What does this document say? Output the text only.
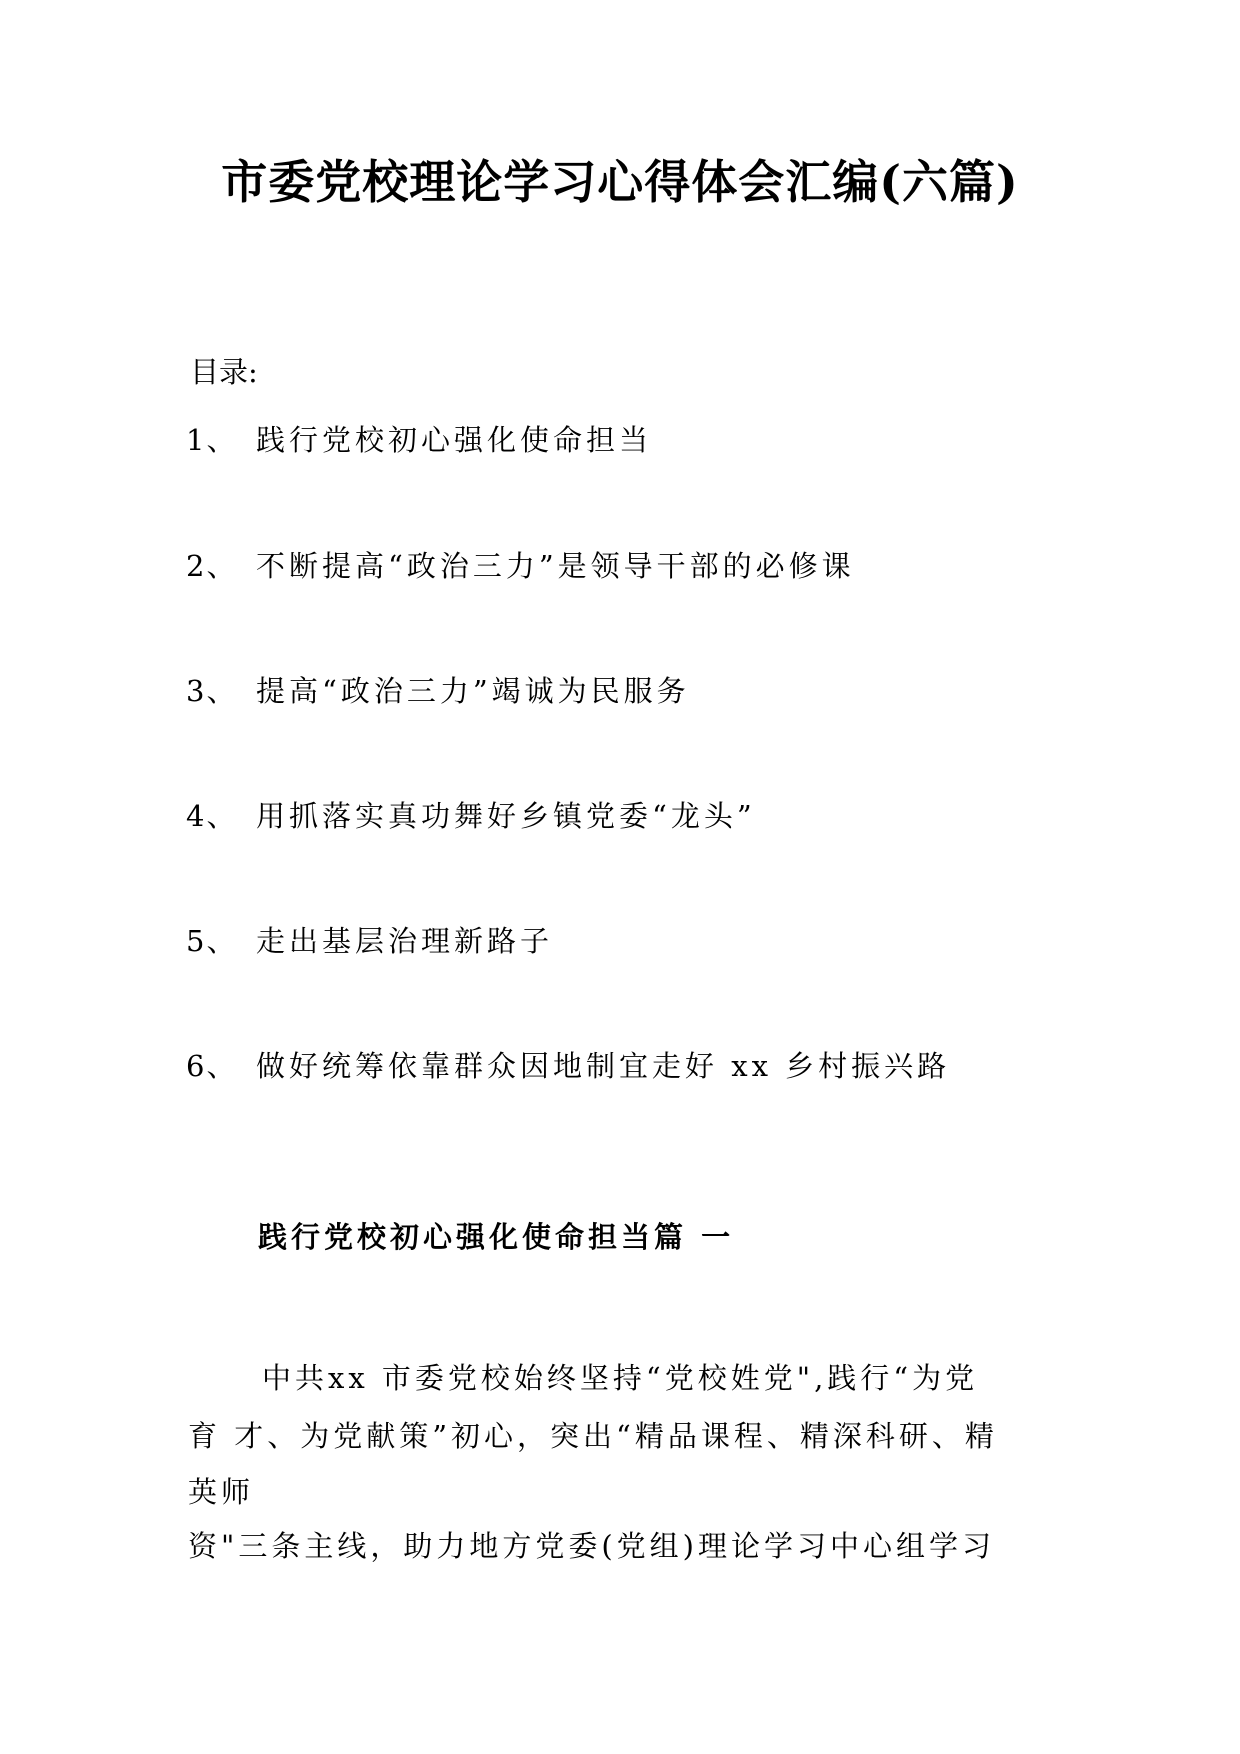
市委党校理论学习心得体会汇编(六篇)
目录:
1、 践行党校初心强化使命担当
2、 不断提高“政治三力”是领导干部的必修课
3、 提高“政治三力”竭诚为民服务
4、 用抓落实真功舞好乡镇党委“龙头”
5、 走出基层治理新路子
6、 做好统筹依靠群众因地制宜走好 xx 乡村振兴路
践行党校初心强化使命担当篇 一
中共xx 市委党校始终坚持“党校姓党",践行“为党
育 才、为党献策”初心，突出“精品课程、精深科研、精
英师
资"三条主线，助力地方党委(党组)理论学习中心组学习
